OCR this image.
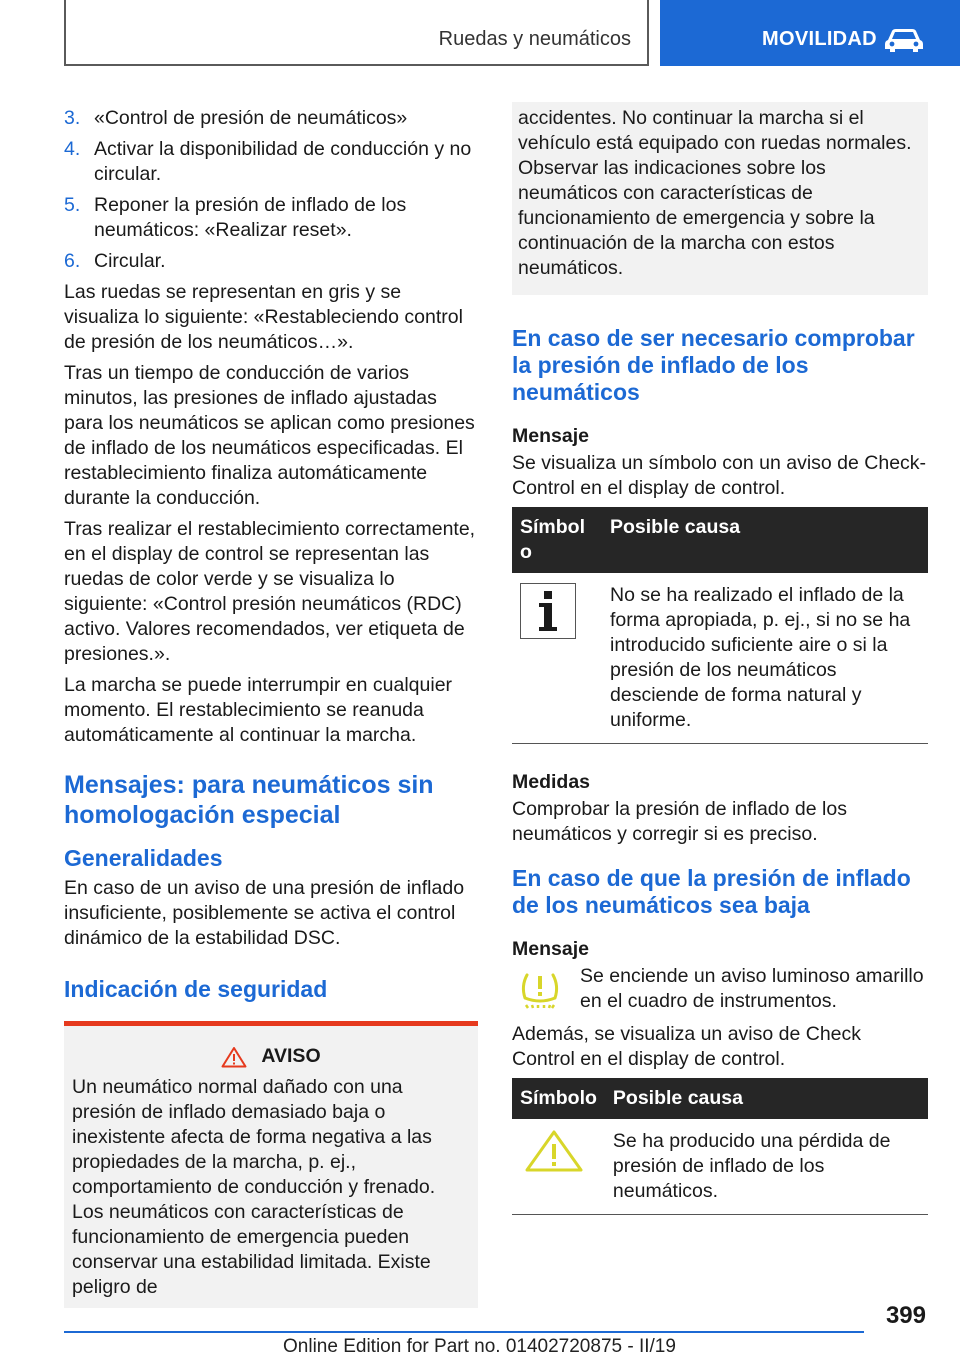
Ruedas y neumáticos	MOVILIDAD
3. «Control de presión de neumáticos»
4. Activar la disponibilidad de conducción y no circular.
5. Reponer la presión de inflado de los neumáticos: «Realizar reset».
6. Circular.

Las ruedas se representan en gris y se visualiza lo siguiente: «Restableciendo control de presión de los neumáticos…».

Tras un tiempo de conducción de varios minutos, las presiones de inflado ajustadas para los neumáticos se aplican como presiones de inflado de los neumáticos especificadas. El restablecimiento finaliza automáticamente durante la conducción.

Tras realizar el restablecimiento correctamente, en el display de control se representan las ruedas de color verde y se visualiza lo siguiente: «Control presión neumáticos (RDC) activo. Valores recomendados, ver etiqueta de presiones.».

La marcha se puede interrumpir en cualquier momento. El restablecimiento se reanuda automáticamente al continuar la marcha.

Mensajes: para neumáticos sin homologación especial
Generalidades

En caso de un aviso de una presión de inflado insuficiente, posiblemente se activa el control dinámico de la estabilidad DSC.

Indicación de seguridad
AVISO

Un neumático normal dañado con una presión de inflado demasiado baja o inexistente afecta de forma negativa a las propiedades de la marcha, p. ej., comportamiento de conducción y frenado. Los neumáticos con características de funcionamiento de emergencia pueden conservar una estabilidad limitada. Existe peligro de

accidentes. No continuar la marcha si el vehículo está equipado con ruedas normales. Observar las indicaciones sobre los neumáticos con características de funcionamiento de emergencia y sobre la continuación de la marcha con estos neumáticos.

En caso de ser necesario comprobar la presión de inflado de los neumáticos
Mensaje

Se visualiza un símbolo con un aviso de Check-Control en el display de control.

Símbolo	Posible causa

	No se ha realizado el inflado de la forma apropiada, p. ej., si no se ha introducido suficiente aire o si la presión de los neumáticos desciende de forma natural y uniforme.
Medidas

Comprobar la presión de inflado de los neumáticos y corregir si es preciso.

En caso de que la presión de inflado de los neumáticos sea baja
Mensaje
Se enciende un aviso luminoso amarillo en el cuadro de instrumentos.

Además, se visualiza un aviso de Check Control en el display de control.

Símbolo	Posible causa
	Se ha producido una pérdida de presión de inflado de los neumáticos.
399
Online Edition for Part no. 01402720875 - II/19
